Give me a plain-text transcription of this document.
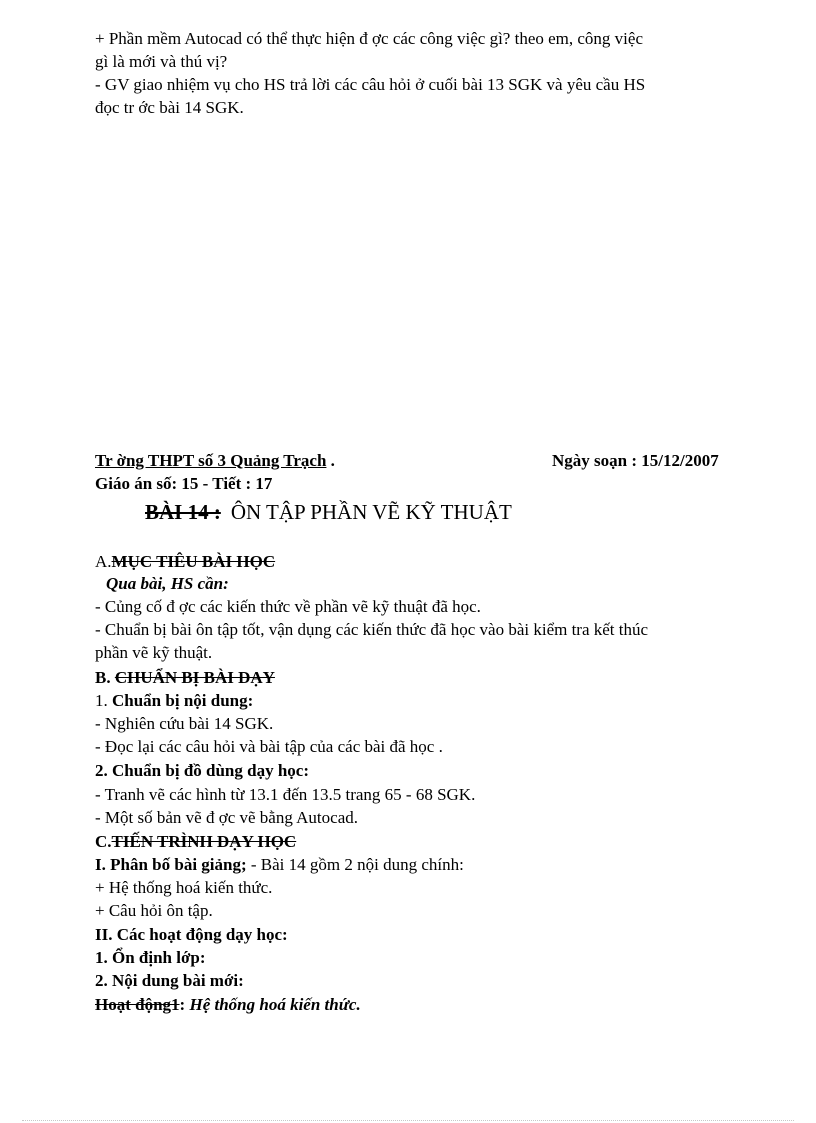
+ Phần mềm Autocad có thể thực hiện đ ợc các công việc gì? theo em, công việc
gì là mới và thú vị?
- GV giao nhiệm vụ cho HS trả lời các câu hỏi ở cuối bài 13 SGK và yêu cầu HS
đọc tr ớc bài 14 SGK.
Tr ờng THPT số 3 Quảng Trạch .	Ngày soạn : 15/12/2007
Giáo án số: 15 - Tiết : 17
BÀI 14 : ÔN TẬP PHẦN VẼ KỸ THUẬT
A.MỤC TIÊU BÀI HỌC
Qua bài, HS cần:
- Củng cố đ ợc các kiến thức về phần vẽ kỹ thuật đã học.
- Chuẩn bị bài ôn tập tốt, vận dụng các kiến thức đã học vào bài kiểm tra kết thúc
phần vẽ kỹ thuật.
B. CHUẨN BỊ BÀI DẠY
1. Chuẩn bị nội dung:
- Nghiên cứu bài 14 SGK.
- Đọc lại các câu hỏi và bài tập của các bài đã học .
2. Chuẩn bị đồ dùng dạy học:
- Tranh vẽ các hình từ 13.1 đến 13.5 trang 65 - 68 SGK.
- Một số bản vẽ đ ợc vẽ bằng Autocad.
C.TIẾN TRÌNH DẠY HỌC
I. Phân bố bài giảng; - Bài 14 gồm 2 nội dung chính:
+ Hệ thống hoá kiến thức.
+ Câu hỏi ôn tập.
II. Các hoạt động dạy học:
1. Ổn định lớp:
2. Nội dung bài mới:
Hoạt động1: Hệ thống hoá kiến thức.
